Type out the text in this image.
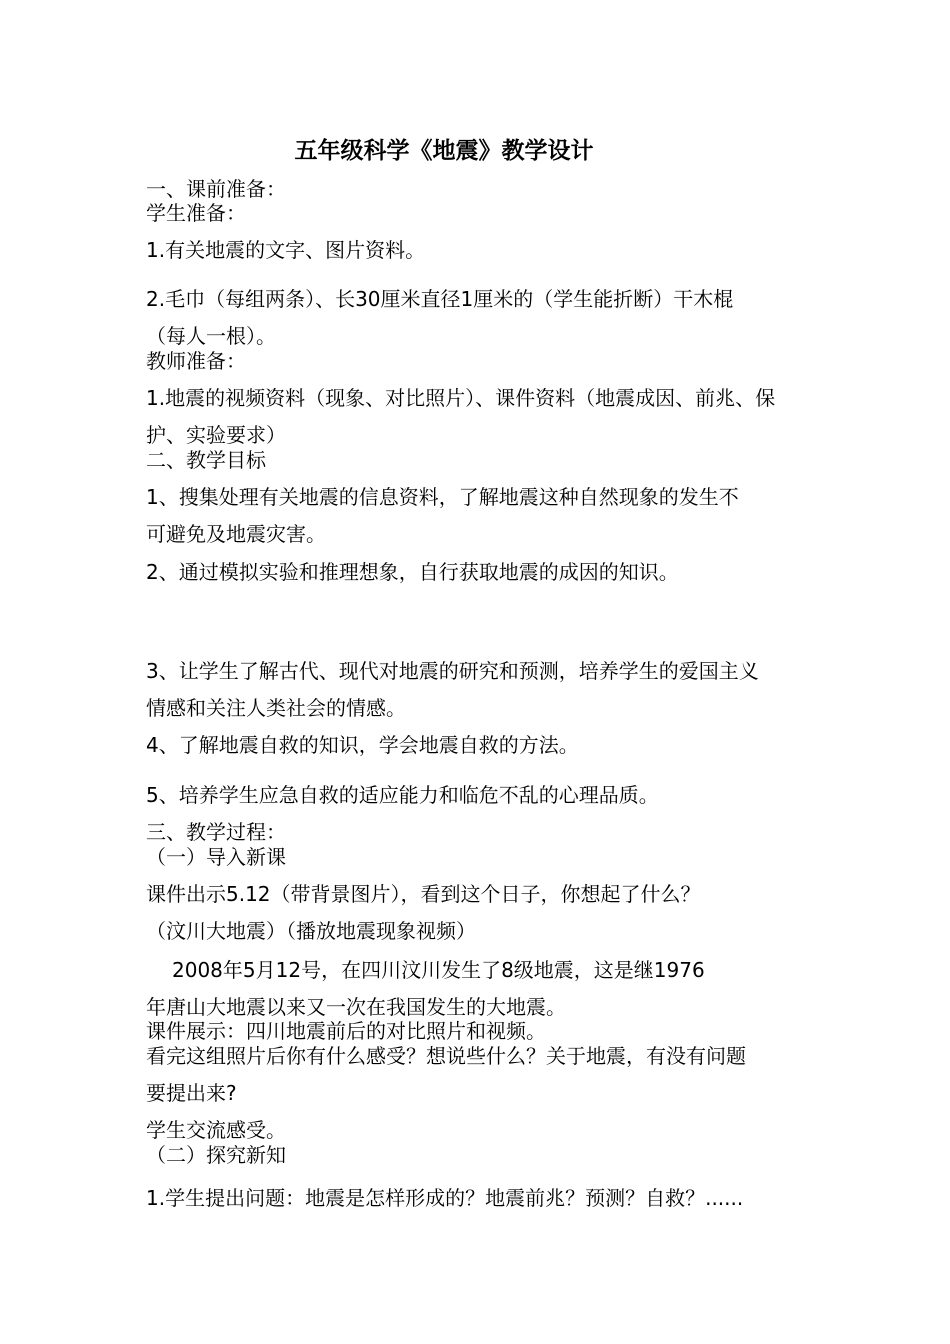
五年级科学《地震》教学设计
一、课前准备：
学生准备：
1.有关地震的文字、图片资料。
2.毛巾（每组两条）、长30厘米直径1厘米的（学生能折断）干木棍
（每人一根）。
教师准备：
1.地震的视频资料（现象、对比照片）、课件资料（地震成因、前兆、保
护、实验要求）
二、教学目标
1、搜集处理有关地震的信息资料，了解地震这种自然现象的发生不
可避免及地震灾害。
2、通过模拟实验和推理想象，自行获取地震的成因的知识。
3、让学生了解古代、现代对地震的研究和预测，培养学生的爱国主义
情感和关注人类社会的情感。
4、了解地震自救的知识，学会地震自救的方法。
5、培养学生应急自救的适应能力和临危不乱的心理品质。
三、教学过程：
（一）导入新课
课件出示5.12（带背景图片），看到这个日子，你想起了什么？
（汶川大地震）（播放地震现象视频）
2008年5月12号，在四川汶川发生了8级地震，这是继1976
年唐山大地震以来又一次在我国发生的大地震。
课件展示：四川地震前后的对比照片和视频。
看完这组照片后你有什么感受？想说些什么？关于地震，有没有问题
要提出来?
学生交流感受。
（二）探究新知
1.学生提出问题：地震是怎样形成的？地震前兆？预测？自救？......
